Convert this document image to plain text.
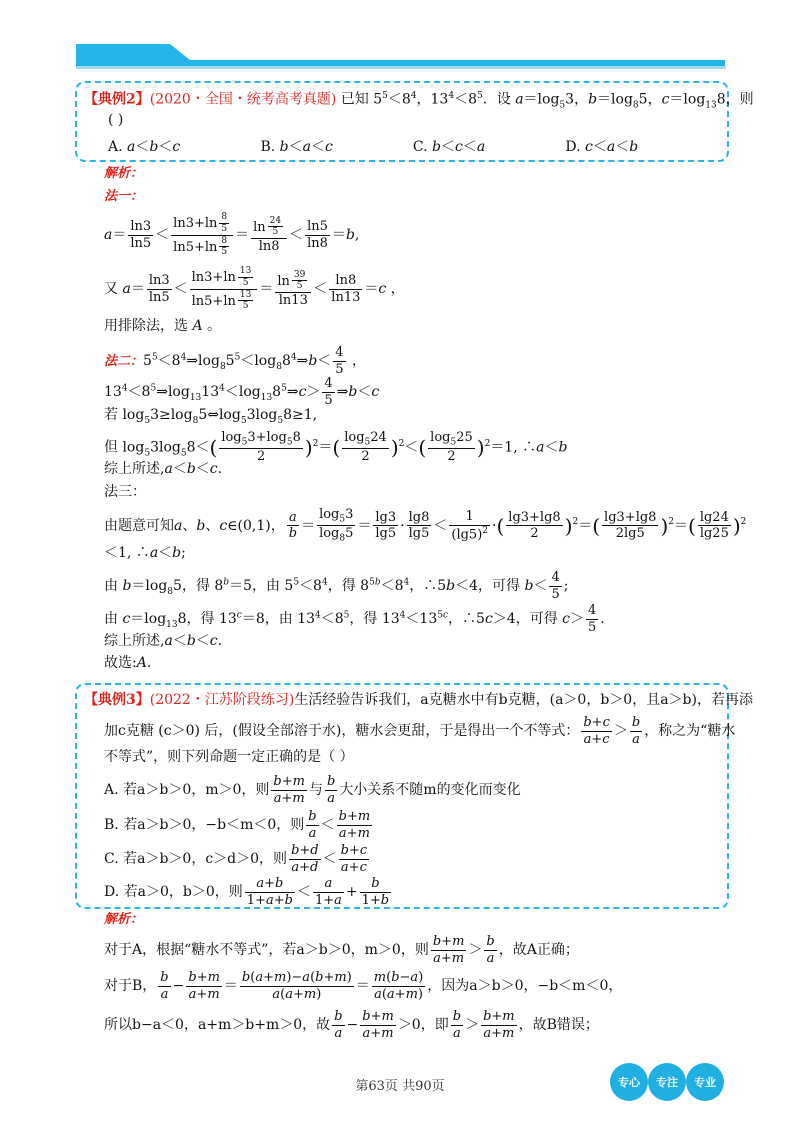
【典例2】(2020・全国・统考高考真题) 已知 $5^5<8^4$，$13^4<8^5$．设 $a=\log_53$，$b=\log_85$，$c=\log_{13}8$，则
( )
A. a＜b＜c	B. b＜a＜c	C. b＜c＜a	D. c＜a＜b
解析：
法一：
$a= \frac{\ln 3}{\ln 5} < \frac{\ln 3+\ln \frac{8}{5}}{\ln 5+\ln \frac{8}{5}} = \frac{\ln \frac{24}{5}}{\ln 8} < \frac{\ln 5}{\ln 8} =b$,
又 $a= \frac{\ln 3}{\ln 5} < \frac{\ln 3+\ln \frac{13}{5}}{\ln 5+\ln \frac{13}{5}} = \frac{\ln \frac{39}{5}}{\ln 13} < \frac{\ln 8}{\ln 13} =c$ ，
用排除法，选 A 。
法二：$5^5<8^4\Rightarrow\log_85^5<\log_88^4\Rightarrow b< \frac{4}{5}$ ，
$13^4<8^5\Rightarrow\log_{13}13^4<\log_{13}8^5\Rightarrow c> \frac{4}{5}$ ⇒b＜c
若 $\log_53\ge\log_85\Leftrightarrow\log_53\log_58\ge 1$,
但 $\log_53\log_58<( \frac{\log_53+\log_58}{2} )^2=( \frac{\log_524}{2} )^2<( \frac{\log_525}{2} )^2=1$, ∴a＜b
综上所述,a＜b＜c.
法三：
由题意可知a、b、c∈(0,1)， $\frac{a}{b} = \frac{\log_53}{\log_85} = \frac{\lg 3}{\lg 5} \cdot \frac{\lg 8}{\lg 5} < \frac{1}{(\lg 5)^2}$ ·( $\frac{\lg 3+\lg 8}{2} )^2=( \frac{\lg 3+\lg 8}{2\lg 5} )^2=( \frac{\lg 24}{\lg 25} )^2$
＜1, ∴a＜b;
由 $b=\log_85$，得 $8^b=5$，由 $5^5<8^4$，得 $8^{5b}<8^4$，∴5b＜4，可得 $b< \frac{4}{5}$ ;
由 $c=\log_{13}8$，得 $13^c=8$，由 $13^4<8^5$，得 $13^4<13^{5c}$，∴5c＞4，可得 $c> \frac{4}{5}$ .
综上所述,a＜b＜c.
故选:A.
【典例3】(2022・江苏阶段练习)生活经验告诉我们，a克糖水中有b克糖，(a＞0，b＞0，且a＞b)，若再添
加c克糖 (c＞0) 后，(假设全部溶于水)，糖水会更甜，于是得出一个不等式： $\frac{b+c}{a+c} > \frac{b}{a}$ ，称之为“糖水
不等式”，则下列命题一定正确的是（ ）
A. 若a＞b＞0，m＞0，则 $\frac{b+m}{a+m}$ 与 $\frac{b}{a}$ 大小关系不随m的变化而变化
B. 若a＞b＞0，−b＜m＜0，则 $\frac{b}{a} < \frac{b+m}{a+m}$
C. 若a＞b＞0，c＞d＞0，则 $\frac{b+d}{a+d} < \frac{b+c}{a+c}$
D. 若a＞0，b＞0，则 $\frac{a+b}{1+a+b} < \frac{a}{1+a} + \frac{b}{1+b}$
解析：
对于A，根据“糖水不等式”，若a＞b＞0，m＞0，则 $\frac{b+m}{a+m} > \frac{b}{a}$ ，故A正确；
对于B， $\frac{b}{a} - \frac{b+m}{a+m} = \frac{b(a+m)-a(b+m)}{a(a+m)} = \frac{m(b-a)}{a(a+m)}$ ，因为a＞b＞0，−b＜m＜0，
所以b−a＜0，a+m＞b+m＞0，故 $\frac{b}{a} - \frac{b+m}{a+m} >0$，即 $\frac{b}{a} > \frac{b+m}{a+m}$ ，故B错误；
第63页 共90页	专心	专注	专业
